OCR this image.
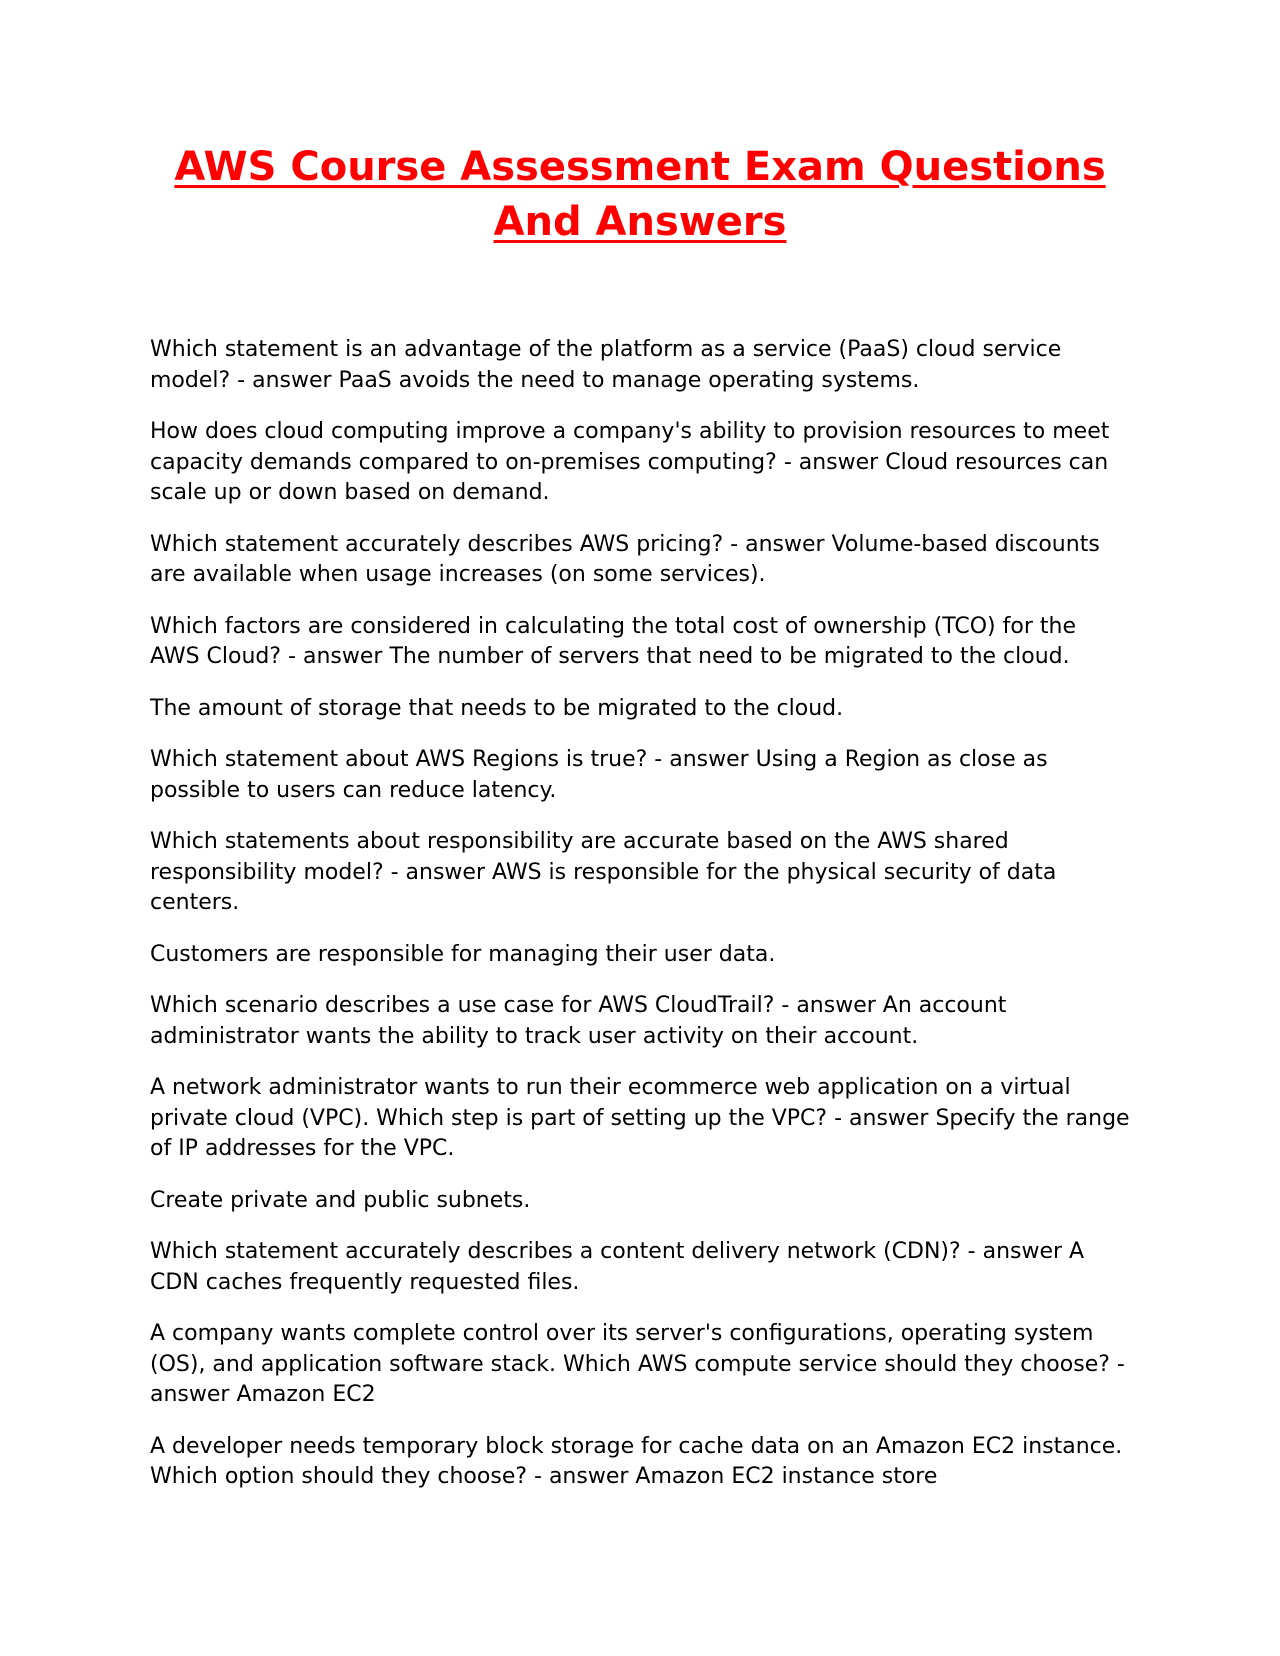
AWS Course Assessment Exam Questions And Answers

Which statement is an advantage of the platform as a service (PaaS) cloud service model? - answer PaaS avoids the need to manage operating systems.

How does cloud computing improve a company's ability to provision resources to meet capacity demands compared to on-premises computing? - answer Cloud resources can scale up or down based on demand.

Which statement accurately describes AWS pricing? - answer Volume-based discounts are available when usage increases (on some services).

Which factors are considered in calculating the total cost of ownership (TCO) for the AWS Cloud? - answer The number of servers that need to be migrated to the cloud.

The amount of storage that needs to be migrated to the cloud.

Which statement about AWS Regions is true? - answer Using a Region as close as possible to users can reduce latency.

Which statements about responsibility are accurate based on the AWS shared responsibility model? - answer AWS is responsible for the physical security of data centers.

Customers are responsible for managing their user data.

Which scenario describes a use case for AWS CloudTrail? - answer An account administrator wants the ability to track user activity on their account.

A network administrator wants to run their ecommerce web application on a virtual private cloud (VPC). Which step is part of setting up the VPC? - answer Specify the range of IP addresses for the VPC.

Create private and public subnets.

Which statement accurately describes a content delivery network (CDN)? - answer A CDN caches frequently requested files.

A company wants complete control over its server's configurations, operating system (OS), and application software stack. Which AWS compute service should they choose? - answer Amazon EC2

A developer needs temporary block storage for cache data on an Amazon EC2 instance. Which option should they choose? - answer Amazon EC2 instance store
